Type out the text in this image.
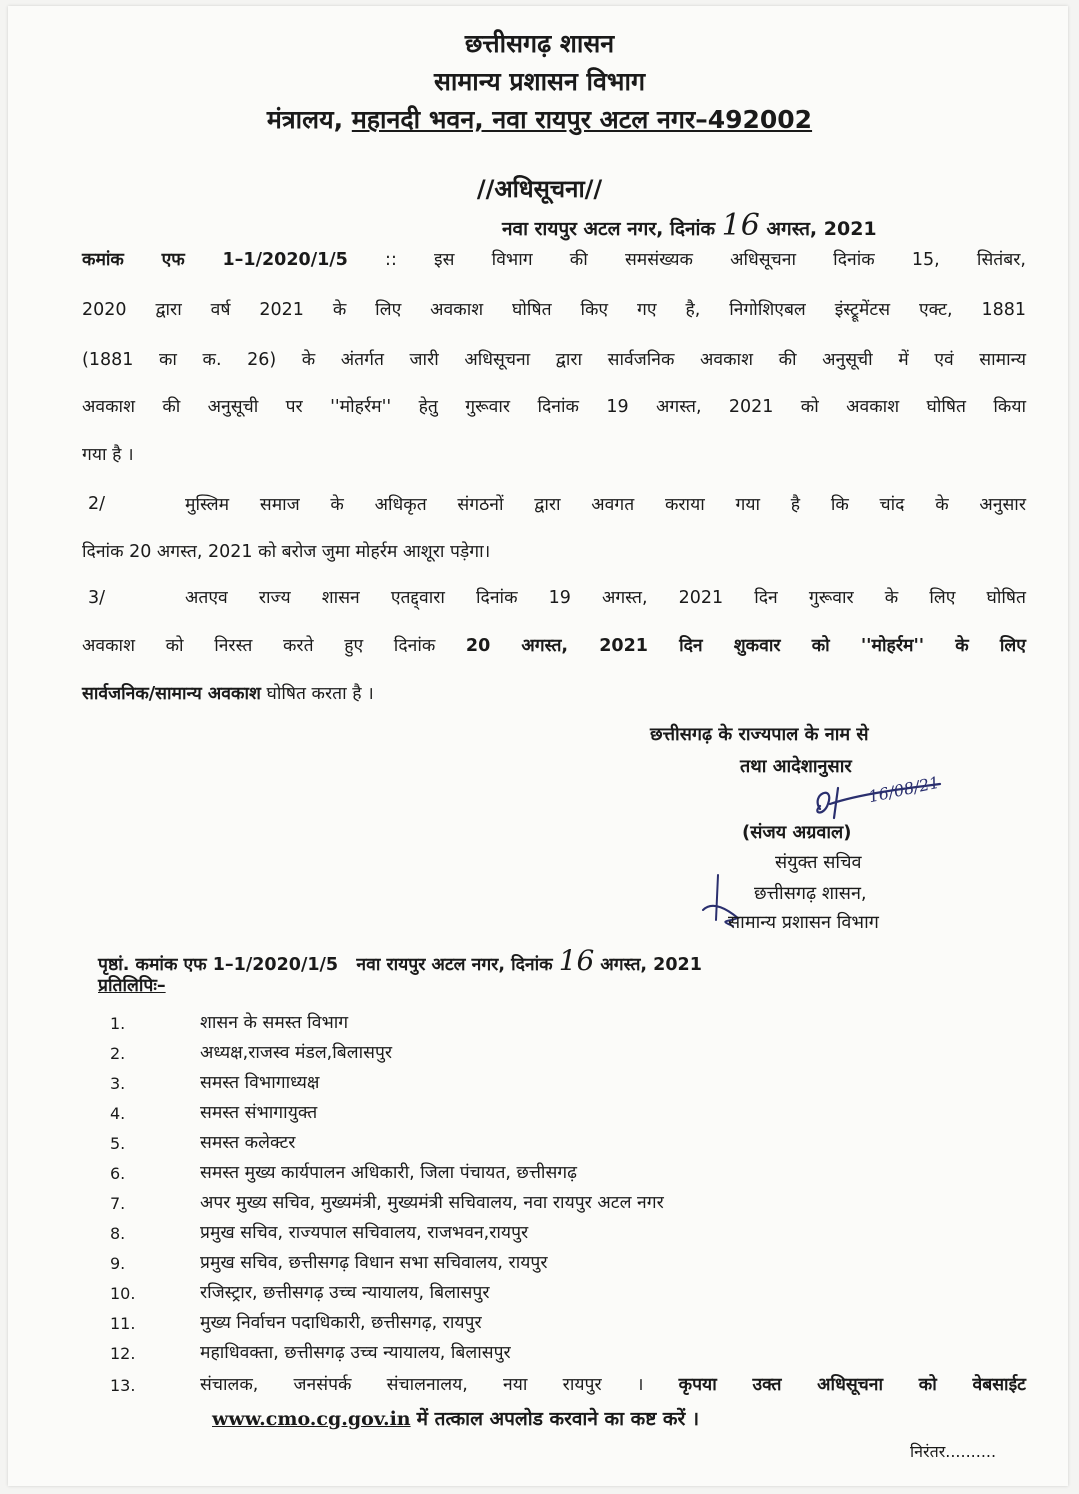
छत्तीसगढ़ शासन
सामान्य प्रशासन विभाग
मंत्रालय, महानदी भवन, नवा रायपुर अटल नगर–492002
//अधिसूचना//
नवा रायपुर अटल नगर, दिनांक 16 अगस्त, 2021
कमांक एफ 1–1/2020/1/5 :: इस विभाग की समसंख्यक अधिसूचना दिनांक 15, सितंबर,
2020 द्वारा वर्ष 2021 के लिए अवकाश घोषित किए गए है, निगोशिएबल इंस्ट्रूमेंटस एक्ट, 1881
(1881 का क. 26) के अंतर्गत जारी अधिसूचना द्वारा सार्वजनिक अवकाश की अनुसूची में एवं सामान्य
अवकाश की अनुसूची पर ''मोहर्रम'' हेतु गुरूवार दिनांक 19 अगस्त, 2021 को अवकाश घोषित किया
गया है ।
2/	मुस्लिम समाज के अधिकृत संगठनों द्वारा अवगत कराया गया है कि चांद के अनुसार
दिनांक 20 अगस्त, 2021 को बरोज जुमा मोहर्रम आशूरा पड़ेगा।
3/	अतएव राज्य शासन एतद्द्वारा दिनांक 19 अगस्त, 2021 दिन गुरूवार के लिए घोषित
अवकाश को निरस्त करते हुए दिनांक 20 अगस्त, 2021 दिन शुकवार को ''मोहर्रम'' के लिए
सार्वजनिक/सामान्य अवकाश घोषित करता है ।
छत्तीसगढ़ के राज्यपाल के नाम से
तथा आदेशानुसार
16/08/21
(संजय अग्रवाल)
संयुक्त सचिव
छत्तीसगढ़ शासन,
सामान्य प्रशासन विभाग
पृष्ठां. कमांक एफ 1–1/2020/1/5 नवा रायपुर अटल नगर, दिनांक 16 अगस्त, 2021
प्रतिलिपिः–
1.	शासन के समस्त विभाग
2.	अध्यक्ष,राजस्व मंडल,बिलासपुर
3.	समस्त विभागाध्यक्ष
4.	समस्त संभागायुक्त
5.	समस्त कलेक्टर
6.	समस्त मुख्य कार्यपालन अधिकारी, जिला पंचायत, छत्तीसगढ़
7.	अपर मुख्य सचिव, मुख्यमंत्री, मुख्यमंत्री सचिवालय, नवा रायपुर अटल नगर
8.	प्रमुख सचिव, राज्यपाल सचिवालय, राजभवन,रायपुर
9.	प्रमुख सचिव, छत्तीसगढ़ विधान सभा सचिवालय, रायपुर
10.	रजिस्ट्रार, छत्तीसगढ़ उच्च न्यायालय, बिलासपुर
11.	मुख्य निर्वाचन पदाधिकारी, छत्तीसगढ़, रायपुर
12.	महाधिवक्ता, छत्तीसगढ़ उच्च न्यायालय, बिलासपुर
13.	संचालक, जनसंपर्क संचालनालय, नया रायपुर । कृपया उक्त अधिसूचना को वेबसाईट
www.cmo.cg.gov.in में तत्काल अपलोड करवाने का कष्ट करें ।
निरंतर..........
